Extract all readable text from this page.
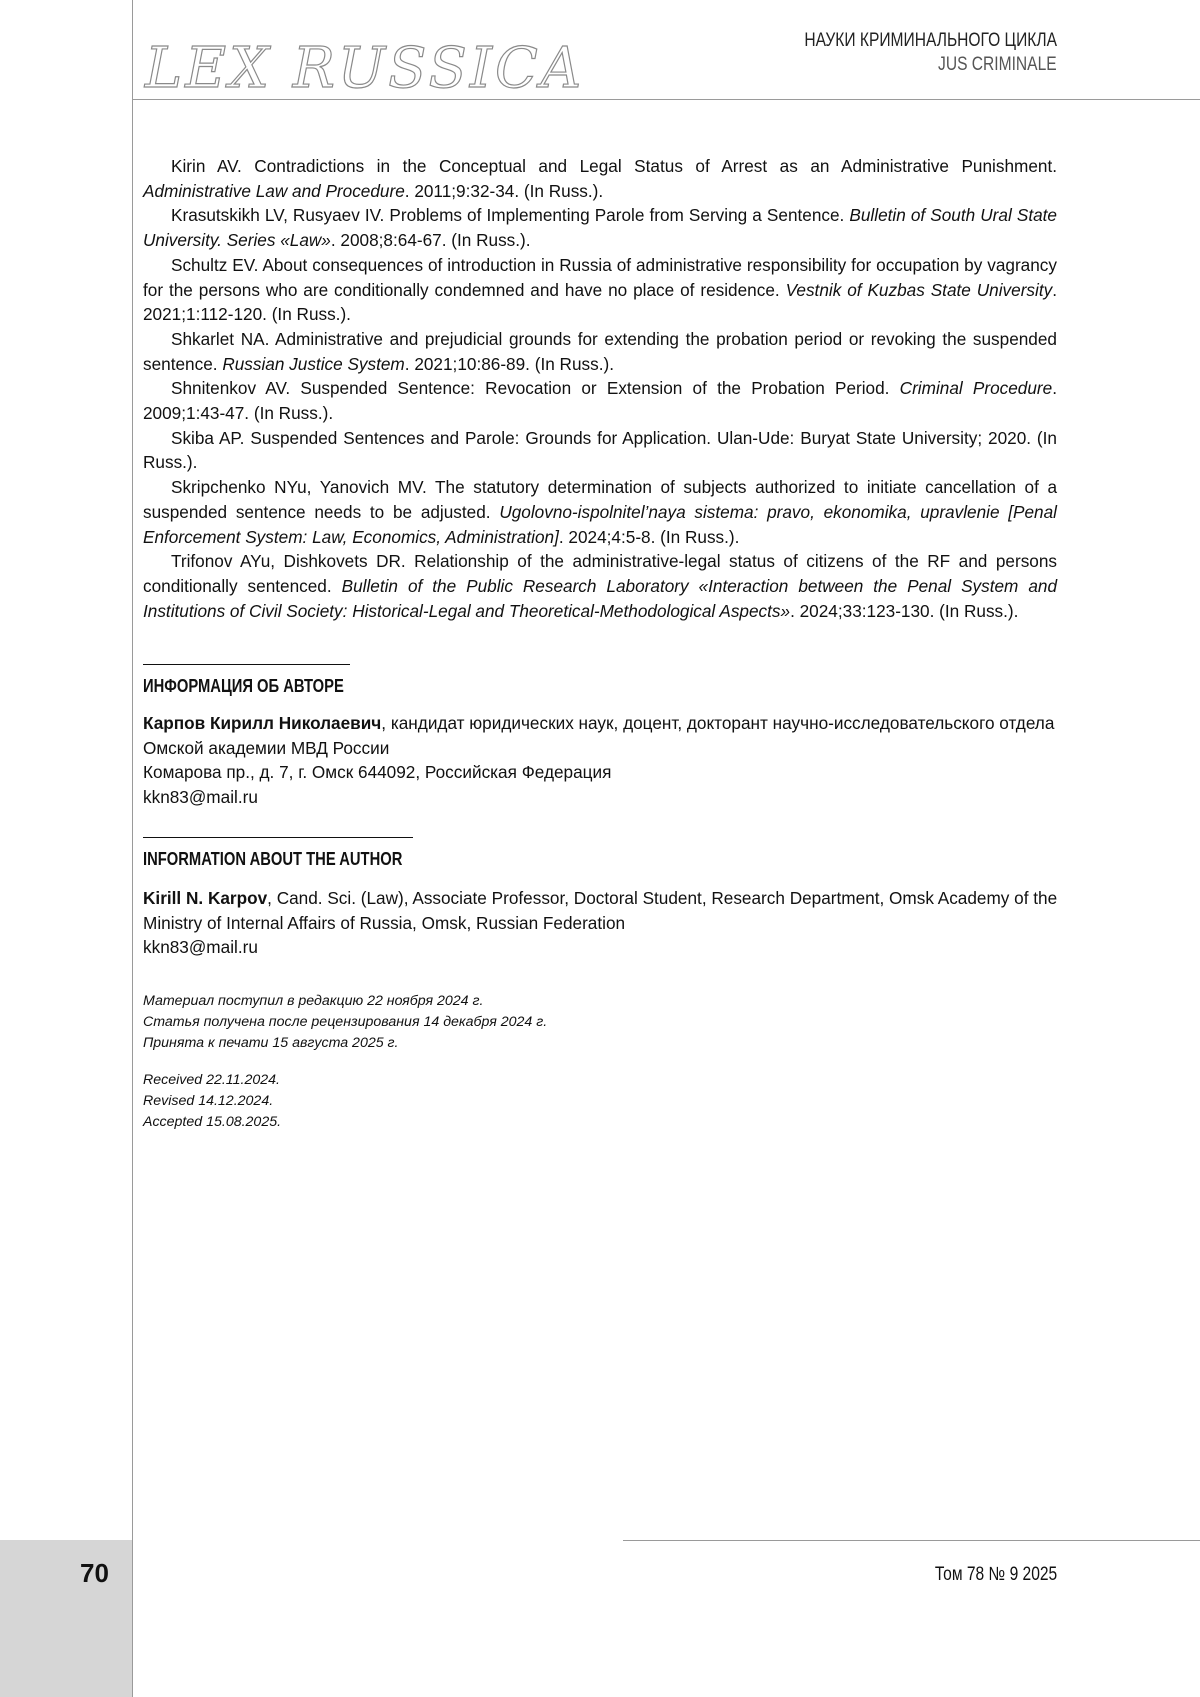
LEX RUSSICA	НАУКИ КРИМИНАЛЬНОГО ЦИКЛА
JUS CRIMINALE

Kirin AV. Contradictions in the Conceptual and Legal Status of Arrest as an Administrative Punishment. Administrative Law and Procedure. 2011;9:32-34. (In Russ.).

Krasutskikh LV, Rusyaev IV. Problems of Implementing Parole from Serving a Sentence. Bulletin of South Ural State University. Series «Law». 2008;8:64-67. (In Russ.).

Schultz EV. About consequences of introduction in Russia of administrative responsibility for occupation by vagrancy for the persons who are conditionally condemned and have no place of residence. Vestnik of Kuzbas State University. 2021;1:112-120. (In Russ.).

Shkarlet NA. Administrative and prejudicial grounds for extending the probation period or revoking the suspended sentence. Russian Justice System. 2021;10:86-89. (In Russ.).

Shnitenkov AV. Suspended Sentence: Revocation or Extension of the Probation Period. Criminal Procedure. 2009;1:43-47. (In Russ.).

Skiba AP. Suspended Sentences and Parole: Grounds for Application. Ulan-Ude: Buryat State University; 2020. (In Russ.).

Skripchenko NYu, Yanovich MV. The statutory determination of subjects authorized to initiate cancellation of a suspended sentence needs to be adjusted. Ugolovno-ispolnitel’naya sistema: pravo, ekonomika, upravlenie [Penal Enforcement System: Law, Economics, Administration]. 2024;4:5-8. (In Russ.).

Trifonov AYu, Dishkovets DR. Relationship of the administrative-legal status of citizens of the RF and persons conditionally sentenced. Bulletin of the Public Research Laboratory «Interaction between the Penal System and Institutions of Civil Society: Historical-Legal and Theoretical-Methodological Aspects». 2024;33:123-130. (In Russ.).

ИНФОРМАЦИЯ ОБ АВТОРЕ

Карпов Кирилл Николаевич, кандидат юридических наук, доцент, докторант научно-исследовательского отдела Омской академии МВД России

Комарова пр., д. 7, г. Омск 644092, Российская Федерация

kkn83@mail.ru

INFORMATION ABOUT THE AUTHOR

Kirill N. Karpov, Cand. Sci. (Law), Associate Professor, Doctoral Student, Research Department, Omsk Academy of the Ministry of Internal Affairs of Russia, Omsk, Russian Federation

kkn83@mail.ru

Материал поступил в редакцию 22 ноября 2024 г.

Статья получена после рецензирования 14 декабря 2024 г.

Принята к печати 15 августа 2025 г.

Received 22.11.2024.

Revised 14.12.2024.

Accepted 15.08.2025.

70	Том 78 № 9 2025
